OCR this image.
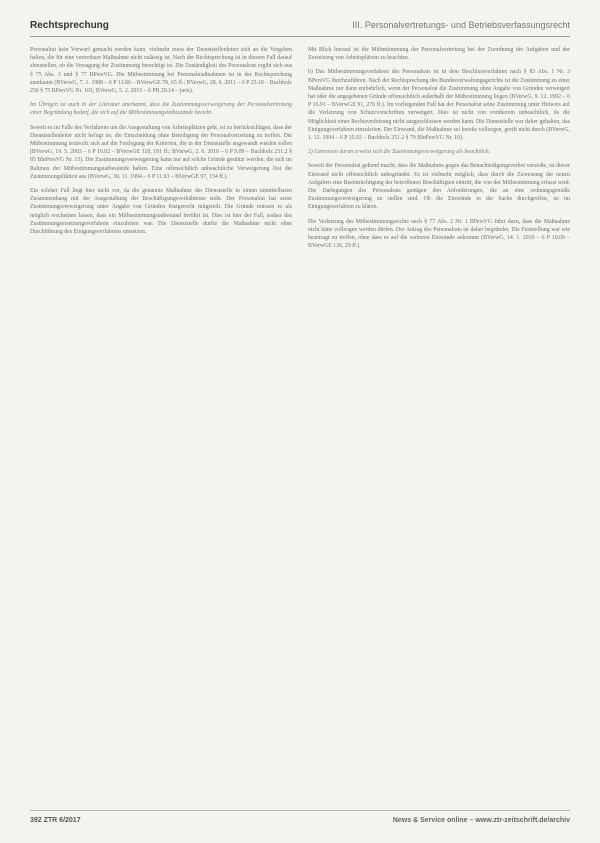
Rechtsprechung	III. Personalvertretungs- und Betriebsverfassungsrecht

Personalrat kein Vorwurf gemacht werden kann, vielmehr muss der Dienststellenleiter sich an die Vorgaben halten, die für eine vertretbare Maßnahme nicht zulässig ist. Nach der Rechtsprechung ist in diesem Fall darauf abzustellen, ob die Versagung der Zustimmung berechtigt ist. Die Zuständigkeit des Personalrats ergibt sich aus § 75 Abs. 3 und § 77 BPersVG. Die Mitbestimmung bei Personalmaßnahmen ist in der Rechtsprechung anerkannt (BVerwG, 7. 1. 1988 – 6 P 13.86 – BVerwGE 78, 65 ff.; BVerwG, 28. 6. 2011 – 6 P 23.10 – Buchholz 250 § 75 BPersVG Nr. 101; BVerwG, 5. 2. 2015 – 6 PB 20.14 – juris).

Im Übrigen ist auch in der Literatur anerkannt, dass die Zustimmungsverweigerung der Personalvertretung einer Begründung bedarf, die sich auf die Mitbestimmungstatbestände bezieht.

Soweit es im Falle des Verfahrens um die Ausgestaltung von Arbeitsplätzen geht, ist zu berücksichtigen, dass der Dienststellenleiter nicht befugt ist, die Entscheidung ohne Beteiligung der Personalvertretung zu treffen. Die Mitbestimmung erstreckt sich auf die Festlegung der Kriterien, die in der Dienststelle angewandt werden sollen (BVerwG, 19. 5. 2003 – 6 P 16.02 – BVerwGE 118, 181 ff.; BVerwG, 2. 6. 2010 – 6 P 9.09 – Buchholz 251.2 § 85 BlnPersVG Nr. 15). Die Zustimmungsverweigerung kann nur auf solche Gründe gestützt werden, die sich im Rahmen der Mitbestimmungstatbestände halten. Eine offensichtlich unbeachtliche Verweigerung löst die Zustimmungsfiktion aus (BVerwG, 30. 11. 1994 – 6 P 11.93 – BVerwGE 97, 154 ff.).

Ein solcher Fall liegt hier nicht vor, da die genannte Maßnahme der Dienststelle in einem unmittelbaren Zusammenhang mit der Ausgestaltung der Beschäftigungsverhältnisse steht. Der Personalrat hat seine Zustimmungsverweigerung unter Angabe von Gründen fristgerecht mitgeteilt. Die Gründe müssen es als möglich erscheinen lassen, dass ein Mitbestimmungstatbestand berührt ist. Dies ist hier der Fall, sodass das Zustimmungsersetzungsverfahren einzuleiten war. Die Dienststelle durfte die Maßnahme nicht ohne Durchführung des Einigungsverfahrens umsetzen.

Mit Blick hierauf ist die Mitbestimmung der Personalvertretung bei der Zuordnung der Aufgaben und der Zuweisung von Arbeitsplätzen zu beachten.

b) Das Mitbestimmungsverfahren des Personalrats ist in dem Beschlussverfahren nach § 83 Abs. 1 Nr. 3 BPersVG durchzuführen. Nach der Rechtsprechung des Bundesverwaltungsgerichts ist die Zustimmung zu einer Maßnahme nur dann entbehrlich, wenn der Personalrat die Zustimmung ohne Angabe von Gründen verweigert hat oder die angegebenen Gründe offensichtlich außerhalb der Mitbestimmung liegen (BVerwG, 9. 12. 1992 – 6 P 16.91 – BVerwGE 91, 276 ff.). Im vorliegenden Fall hat der Personalrat seine Zustimmung unter Hinweis auf die Verletzung von Schutzvorschriften verweigert. Dies ist nicht von vornherein unbeachtlich, da die Möglichkeit einer Rechtsverletzung nicht ausgeschlossen werden kann. Die Dienststelle war daher gehalten, das Einigungsverfahren einzuleiten. Der Einwand, die Maßnahme sei bereits vollzogen, greift nicht durch (BVerwG, 1. 12. 1994 – 6 P 35.92 – Buchholz 251.2 § 79 BlnPersVG Nr. 10).

2) Gemessen daran erweist sich die Zustimmungsverweigerung als beachtlich.

Soweit der Personalrat geltend macht, dass die Maßnahme gegen das Benachteiligungsverbot verstoße, ist dieser Einwand nicht offensichtlich unbegründet. Es ist vielmehr möglich, dass durch die Zuweisung der neuen Aufgaben eine Beeinträchtigung der betroffenen Beschäftigten eintritt, die von der Mitbestimmung erfasst wird. Die Darlegungen des Personalrats genügen den Anforderungen, die an eine ordnungsgemäße Zustimmungsverweigerung zu stellen sind. Ob die Einwände in der Sache durchgreifen, ist im Einigungsverfahren zu klären.

Die Verletzung des Mitbestimmungsrechts nach § 77 Abs. 2 Nr. 1 BPersVG führt dazu, dass die Maßnahme nicht hätte vollzogen werden dürfen. Der Antrag des Personalrats ist daher begründet. Die Feststellung war wie beantragt zu treffen, ohne dass es auf die weiteren Einwände ankommt (BVerwG, 14. 1. 2010 – 6 P 10.09 – BVerwGE 136, 29 ff.).

392 ZTR 6/2017	News & Service online – www.ztr-zeitschrift.de/archiv
